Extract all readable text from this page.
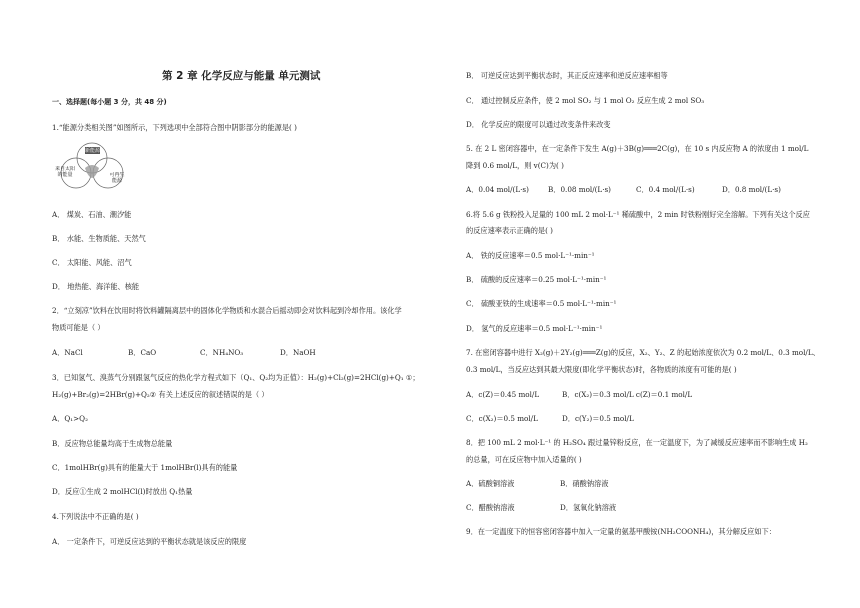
第 2 章 化学反应与能量 单元测试
一、选择题(每小题 3 分，共 48 分)
1.“能源分类相关图”如图所示，下列选项中全部符合图中阴影部分的能源是( )
新能源
来自太阳的能量	可再生能源
A． 煤炭、石油、潮汐能
B． 水能、生物质能、天然气
C． 太阳能、风能、沼气
D． 地热能、海洋能、核能
2．“立刻凉”饮料在饮用时将饮料罐隔离层中的固体化学物质和水混合后摇动即会对饮料起到冷却作用。该化学
物质可能是（ ）
A．NaCl	B．CaO	C．NH₄NO₃	D．NaOH
3．已知氢气、溴蒸气分别跟氢气反应的热化学方程式如下（Q₁、Q₂均为正值）：H₂(g)+Cl₂(g)=2HCl(g)+Q₁ ①；
H₂(g)+Br₂(g)=2HBr(g)+Q₂② 有关上述反应的叙述错误的是（ ）
A．Q₁>Q₂
B．反应物总能量均高于生成物总能量
C．1molHBr(g)具有的能量大于 1molHBr(l)具有的能量
D．反应①生成 2 molHCl(l)时放出 Q₁热量
4.下列说法中不正确的是( )
A． 一定条件下，可逆反应达到的平衡状态就是该反应的限度
B． 可逆反应达到平衡状态时，其正反应速率和逆反应速率相等
C． 通过控制反应条件，使 2 mol SO₂ 与 1 mol O₂ 反应生成 2 mol SO₃
D． 化学反应的限度可以通过改变条件来改变
5. 在 2 L 密闭容器中，在一定条件下发生 A(g)＋3B(g)═══2C(g)，在 10 s 内反应物 A 的浓度由 1 mol/L
降到 0.6 mol/L，则 v(C)为( )
A．0.04 mol/(L·s)	B．0.08 mol/(L·s)	C．0.4 mol/(L·s)	D．0.8 mol/(L·s)
6.将 5.6 g 铁粉投入足量的 100 mL 2 mol·L⁻¹ 稀硫酸中，2 min 时铁粉刚好完全溶解。下列有关这个反应
的反应速率表示正确的是( )
A． 铁的反应速率＝0.5 mol·L⁻¹·min⁻¹
B． 硫酸的反应速率＝0.25 mol·L⁻¹·min⁻¹
C． 硫酸亚铁的生成速率＝0.5 mol·L⁻¹·min⁻¹
D． 氢气的反应速率＝0.5 mol·L⁻¹·min⁻¹
7. 在密闭容器中进行 X₂(g)＋2Y₂(g)═══Z(g)的反应，X₂、Y₂、Z 的起始浓度依次为 0.2 mol/L、0.3 mol/L、
0.3 mol/L，当反应达到其最大限度(即化学平衡状态)时，各物质的浓度有可能的是( )
A．c(Z)＝0.45 mol/L	B．c(X₂)＝0.3 mol/L c(Z)＝0.1 mol/L
C．c(X₂)＝0.5 mol/L	D．c(Y₂)＝0.5 mol/L
8．把 100 mL 2 mol·L⁻¹ 的 H₂SO₄ 跟过量锌粉反应，在一定温度下，为了减缓反应速率而不影响生成 H₂
的总量，可在反应物中加入适量的( )
A．硫酸铜溶液	B．硝酸钠溶液
C．醋酸钠溶液	D．氢氧化钠溶液
9．在一定温度下的恒容密闭容器中加入一定量的氨基甲酸铵(NH₂COONH₄)，其分解反应如下：
